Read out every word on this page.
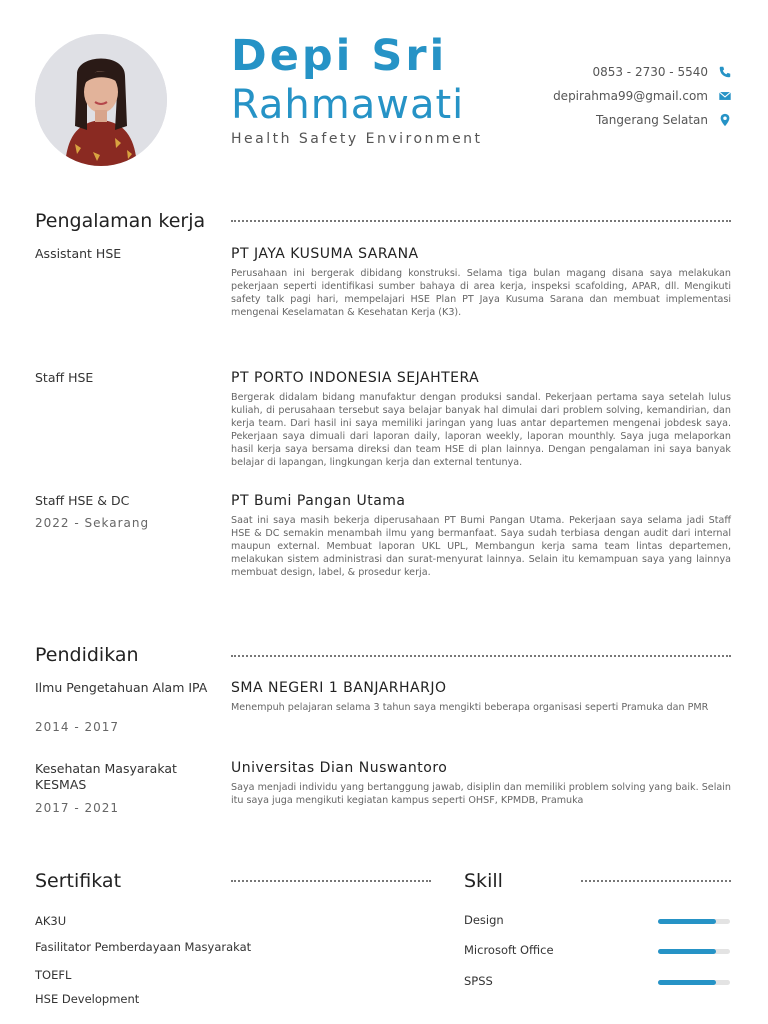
Depi Sri
Rahmawati
Health Safety Environment
0853 - 2730 - 5540
depirahma99@gmail.com
Tangerang Selatan
Pengalaman kerja
Assistant HSE	PT JAYA KUSUMA SARANA
Perusahaan ini bergerak dibidang konstruksi. Selama tiga bulan magang disana saya melakukan pekerjaan seperti identifikasi sumber bahaya di area kerja, inspeksi scafolding, APAR, dll. Mengikuti safety talk pagi hari, mempelajari HSE Plan PT Jaya Kusuma Sarana dan membuat implementasi mengenai Keselamatan & Kesehatan Kerja (K3).
Staff HSE	PT PORTO INDONESIA SEJAHTERA
Bergerak didalam bidang manufaktur dengan produksi sandal. Pekerjaan pertama saya setelah lulus kuliah, di perusahaan tersebut saya belajar banyak hal dimulai dari problem solving, kemandirian, dan kerja team. Dari hasil ini saya memiliki jaringan yang luas antar departemen mengenai jobdesk saya. Pekerjaan saya dimuali dari laporan daily, laporan weekly, laporan mounthly. Saya juga melaporkan hasil kerja saya bersama direksi dan team HSE di plan lainnya. Dengan pengalaman ini saya banyak belajar di lapangan, lingkungan kerja dan external tentunya.
Staff HSE & DC
2022 - Sekarang
PT Bumi Pangan Utama
Saat ini saya masih bekerja diperusahaan PT Bumi Pangan Utama. Pekerjaan saya selama jadi Staff HSE & DC semakin menambah ilmu yang bermanfaat. Saya sudah terbiasa dengan audit dari internal maupun external. Membuat laporan UKL UPL, Membangun kerja sama team lintas departemen, melakukan sistem administrasi dan surat-menyurat lainnya. Selain itu kemampuan saya yang lainnya membuat design, label, & prosedur kerja.
Pendidikan
Ilmu Pengetahuan Alam IPA
2014 - 2017
SMA NEGERI 1 BANJARHARJO
Menempuh pelajaran selama 3 tahun saya mengikti beberapa organisasi seperti Pramuka dan PMR
Kesehatan Masyarakat KESMAS
2017 - 2021
Universitas Dian Nuswantoro
Saya menjadi individu yang bertanggung jawab, disiplin dan memiliki problem solving yang baik. Selain itu saya juga mengikuti kegiatan kampus seperti OHSF, KPMDB, Pramuka
Sertifikat
AK3U
Fasilitator Pemberdayaan Masyarakat
TOEFL
HSE Development
Skill
Design
Microsoft Office
SPSS
